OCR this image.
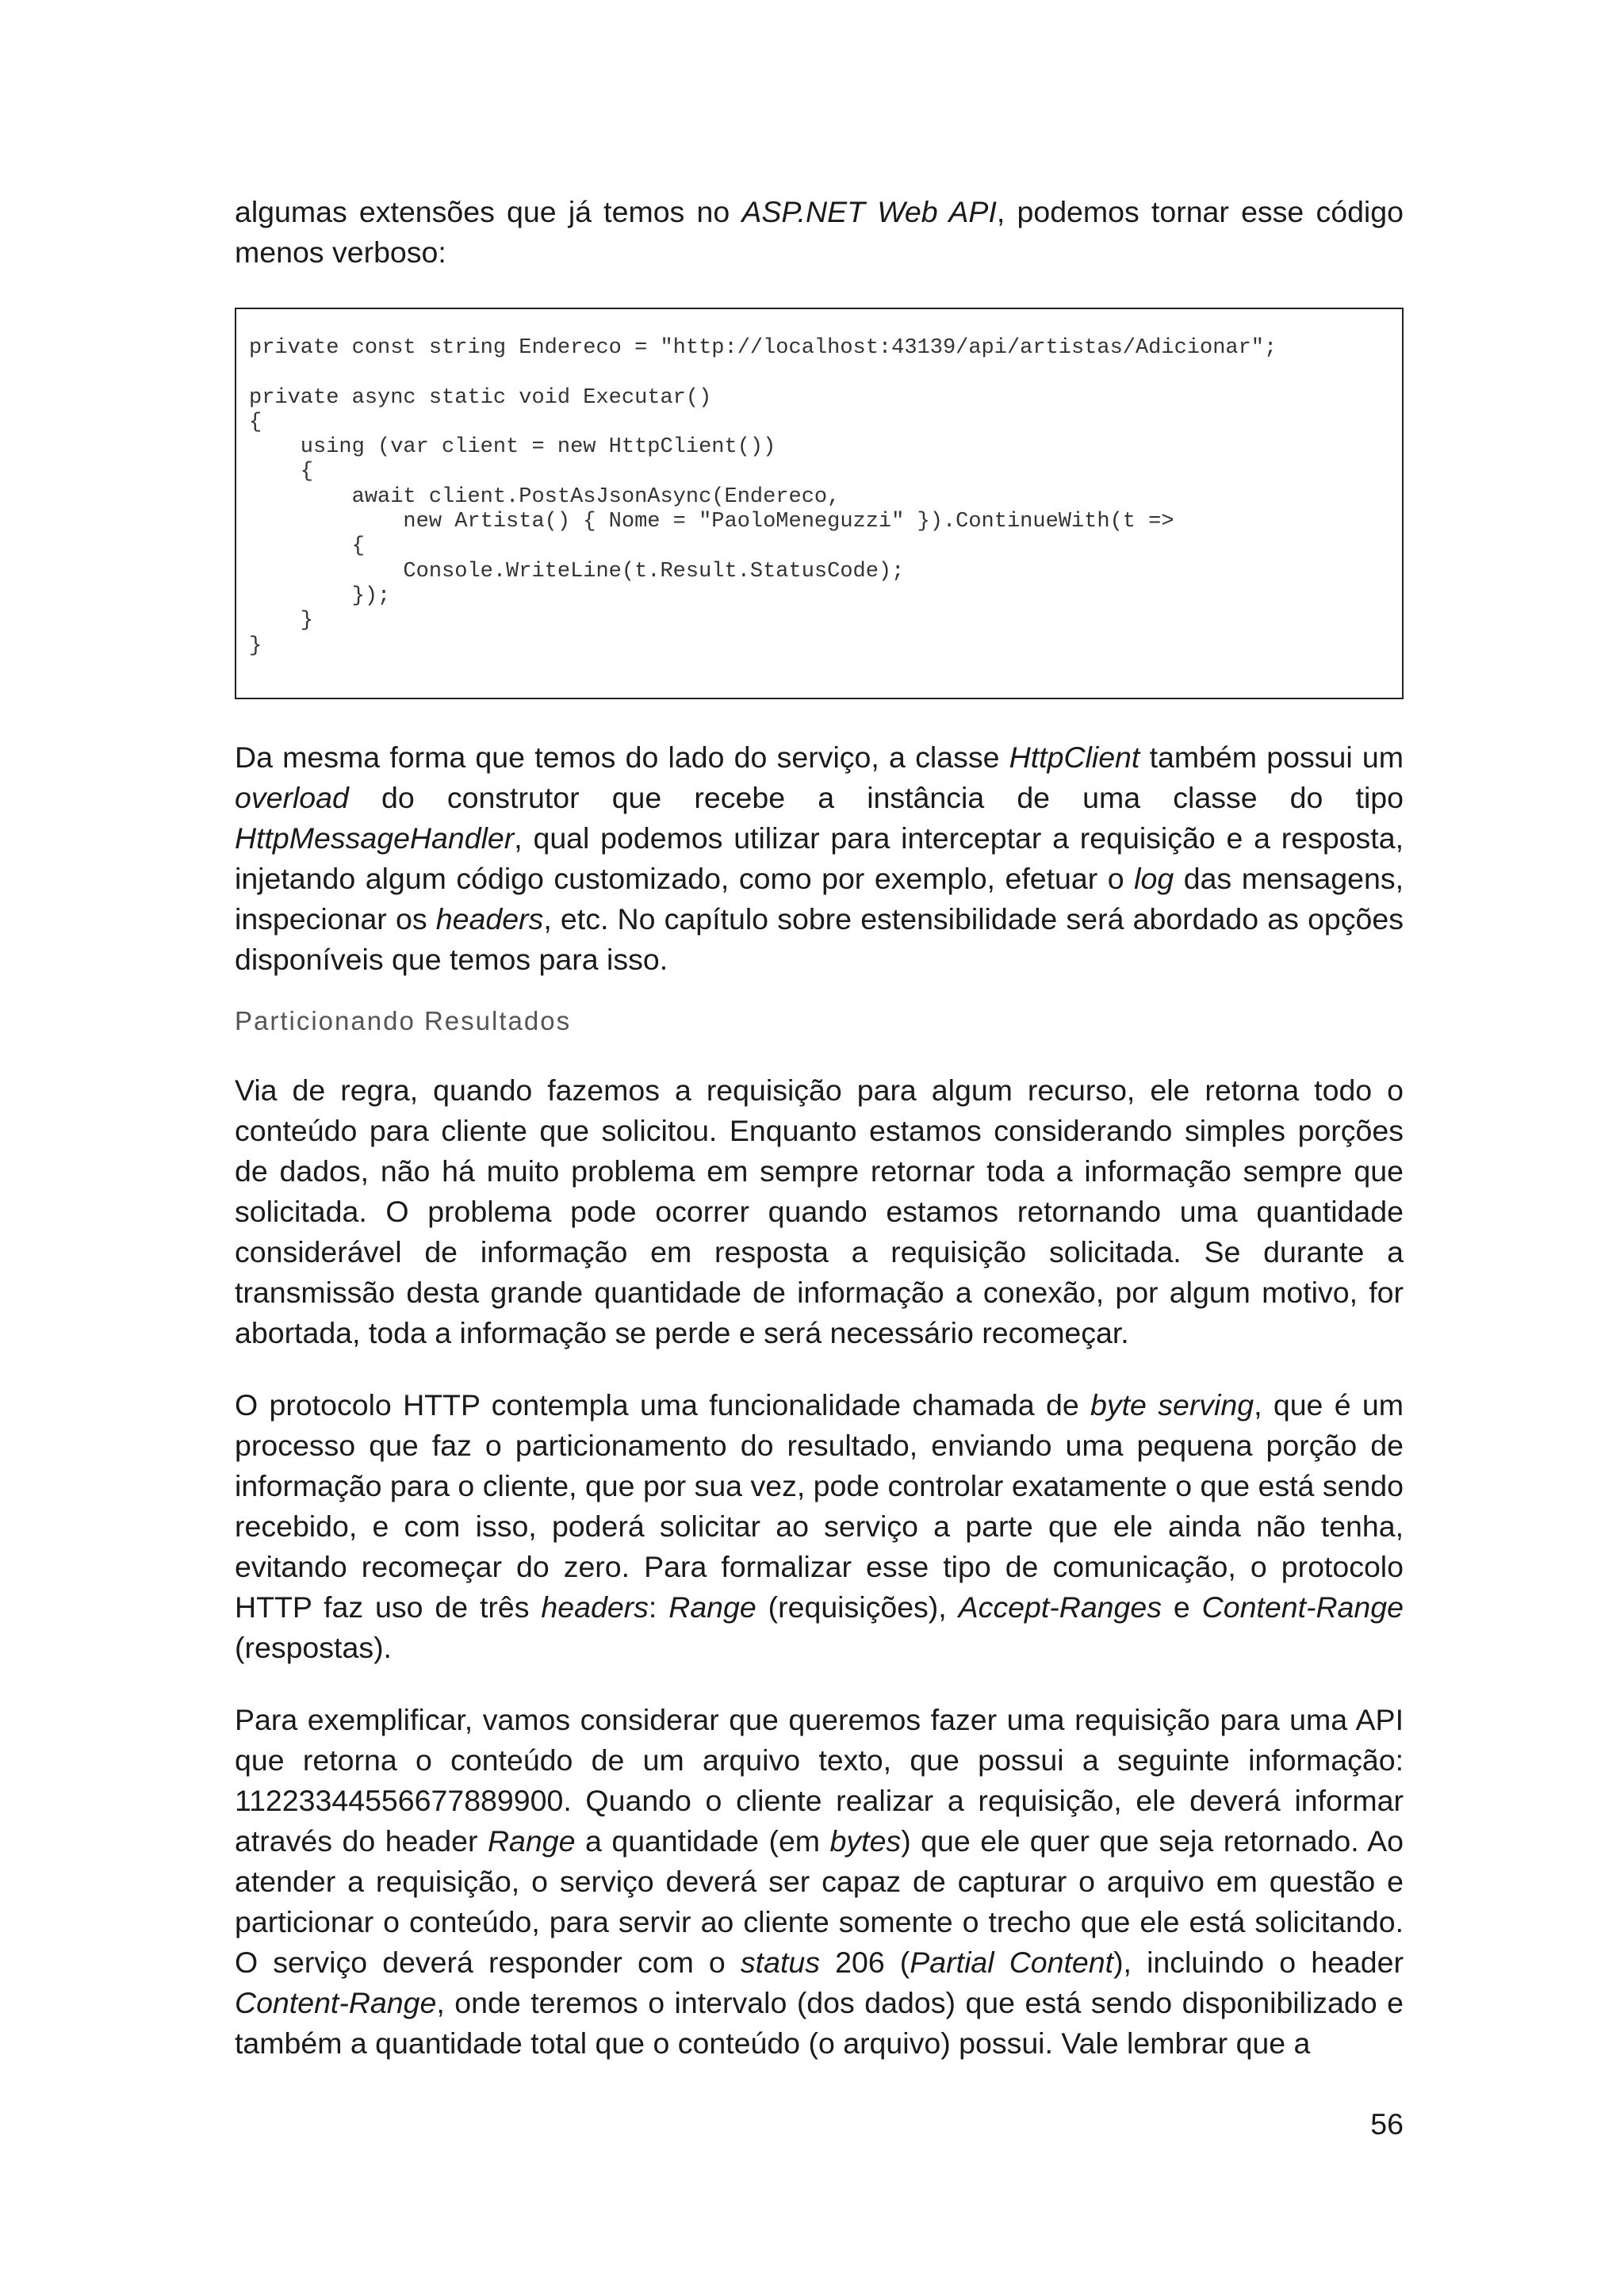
algumas extensões que já temos no ASP.NET Web API, podemos tornar esse código menos verboso:

private const string Endereco = "http://localhost:43139/api/artistas/Adicionar";
private async static void Executar()
{
using (var client = new HttpClient())
{
await client.PostAsJsonAsync(Endereco,
new Artista() { Nome = "PaoloMeneguzzi" }).ContinueWith(t =>
{
Console.WriteLine(t.Result.StatusCode);
});
}
}

Da mesma forma que temos do lado do serviço, a classe HttpClient também possui um overload do construtor que recebe a instância de uma classe do tipo HttpMessageHandler, qual podemos utilizar para interceptar a requisição e a resposta, injetando algum código customizado, como por exemplo, efetuar o log das mensagens, inspecionar os headers, etc. No capítulo sobre estensibilidade será abordado as opções disponíveis que temos para isso.

Particionando Resultados

Via de regra, quando fazemos a requisição para algum recurso, ele retorna todo o conteúdo para cliente que solicitou. Enquanto estamos considerando simples porções de dados, não há muito problema em sempre retornar toda a informação sempre que solicitada. O problema pode ocorrer quando estamos retornando uma quantidade considerável de informação em resposta a requisição solicitada. Se durante a transmissão desta grande quantidade de informação a conexão, por algum motivo, for abortada, toda a informação se perde e será necessário recomeçar.

O protocolo HTTP contempla uma funcionalidade chamada de byte serving, que é um processo que faz o particionamento do resultado, enviando uma pequena porção de informação para o cliente, que por sua vez, pode controlar exatamente o que está sendo recebido, e com isso, poderá solicitar ao serviço a parte que ele ainda não tenha, evitando recomeçar do zero. Para formalizar esse tipo de comunicação, o protocolo HTTP faz uso de três headers: Range (requisições), Accept-Ranges e Content-Range (respostas).

Para exemplificar, vamos considerar que queremos fazer uma requisição para uma API que retorna o conteúdo de um arquivo texto, que possui a seguinte informação: 11223344556677889900. Quando o cliente realizar a requisição, ele deverá informar através do header Range a quantidade (em bytes) que ele quer que seja retornado. Ao atender a requisição, o serviço deverá ser capaz de capturar o arquivo em questão e particionar o conteúdo, para servir ao cliente somente o trecho que ele está solicitando. O serviço deverá responder com o status 206 (Partial Content), incluindo o header Content-Range, onde teremos o intervalo (dos dados) que está sendo disponibilizado e também a quantidade total que o conteúdo (o arquivo) possui. Vale lembrar que a

56
